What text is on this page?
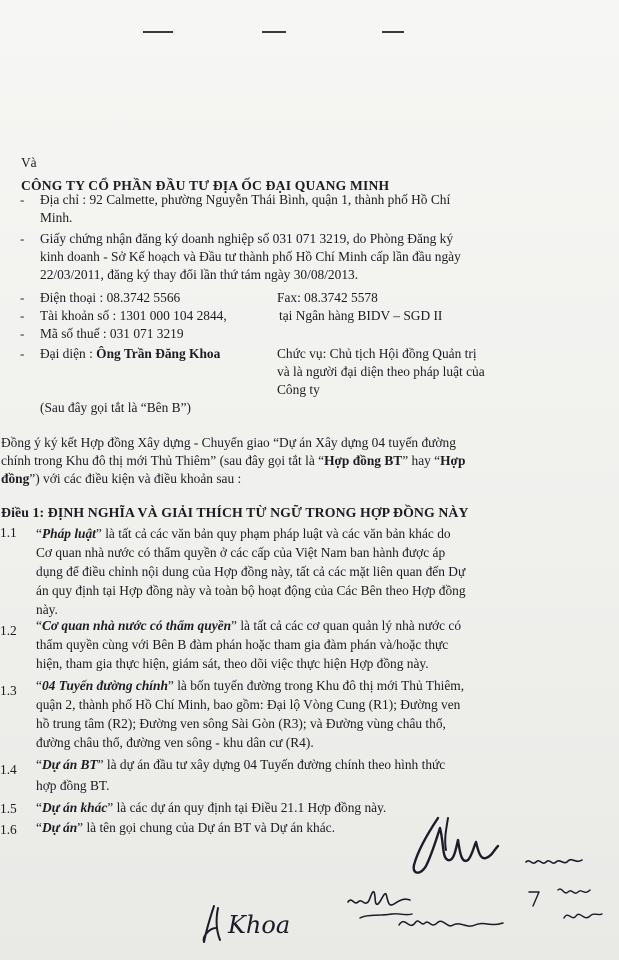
Và
CÔNG TY CỔ PHẦN ĐẦU TƯ ĐỊA ỐC ĐẠI QUANG MINH
- Địa chỉ : 92 Calmette, phường Nguyễn Thái Bình, quận 1, thành phố Hồ Chí
Minh.
- Giấy chứng nhận đăng ký doanh nghiệp số 031 071 3219, do Phòng Đăng ký
kinh doanh - Sở Kế hoạch và Đầu tư thành phố Hồ Chí Minh cấp lần đầu ngày
22/03/2011, đăng ký thay đổi lần thứ tám ngày 30/08/2013.
- Điện thoại : 08.3742 5566	Fax: 08.3742 5578
- Tài khoản số : 1301 000 104 2844,	tại Ngân hàng BIDV – SGD II
- Mã số thuế : 031 071 3219
- Đại diện : Ông Trần Đăng Khoa	Chức vụ: Chủ tịch Hội đồng Quản trị
và là người đại diện theo pháp luật của
Công ty
(Sau đây gọi tắt là “Bên B”)
Đồng ý ký kết Hợp đồng Xây dựng - Chuyển giao “Dự án Xây dựng 04 tuyến đường
chính trong Khu đô thị mới Thủ Thiêm” (sau đây gọi tắt là “Hợp đồng BT” hay “Hợp
đồng”) với các điều kiện và điều khoản sau :
Điều 1: ĐỊNH NGHĨA VÀ GIẢI THÍCH TỪ NGỮ TRONG HỢP ĐỒNG NÀY
1.1 “Pháp luật” là tất cả các văn bản quy phạm pháp luật và các văn bản khác do
Cơ quan nhà nước có thẩm quyền ở các cấp của Việt Nam ban hành được áp
dụng để điều chỉnh nội dung của Hợp đồng này, tất cả các mặt liên quan đến Dự
án quy định tại Hợp đồng này và toàn bộ hoạt động của Các Bên theo Hợp đồng
này.
1.2 “Cơ quan nhà nước có thẩm quyền” là tất cả các cơ quan quản lý nhà nước có
thẩm quyền cùng với Bên B đàm phán hoặc tham gia đàm phán và/hoặc thực
hiện, tham gia thực hiện, giám sát, theo dõi việc thực hiện Hợp đồng này.
1.3 “04 Tuyến đường chính” là bốn tuyến đường trong Khu đô thị mới Thủ Thiêm,
quận 2, thành phố Hồ Chí Minh, bao gồm: Đại lộ Vòng Cung (R1); Đường ven
hồ trung tâm (R2); Đường ven sông Sài Gòn (R3); và Đường vùng châu thổ,
đường châu thổ, đường ven sông - khu dân cư (R4).
1.4 “Dự án BT” là dự án đầu tư xây dựng 04 Tuyến đường chính theo hình thức
hợp đồng BT.
1.5 “Dự án khác” là các dự án quy định tại Điều 21.1 Hợp đồng này.
1.6 “Dự án” là tên gọi chung của Dự án BT và Dự án khác.
Khoa
